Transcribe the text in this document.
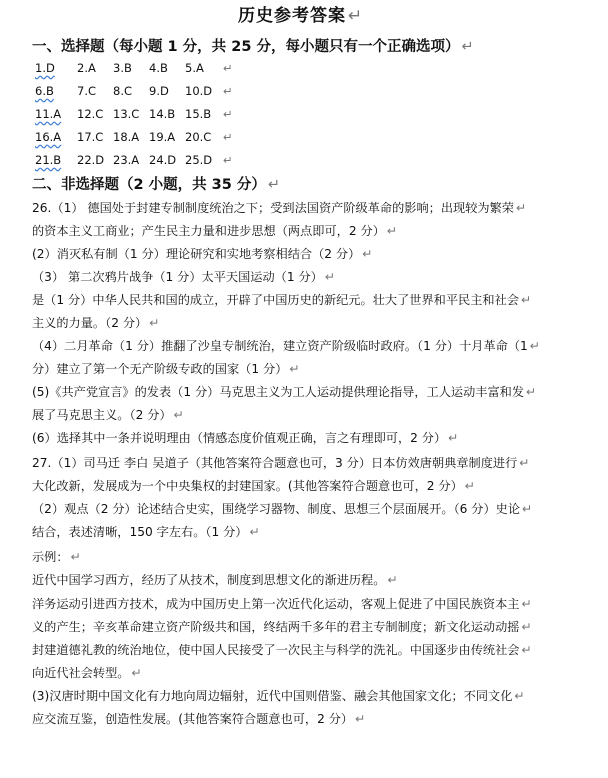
历史参考答案 ↵
一、选择题（每小题 1 分，共 25 分，每小题只有一个正确选项） ↵
1.D 2.A 3.B 4.B 5.A ↵
6.B 7.C 8.C 9.D 10.D ↵
11.A 12.C 13.C 14.B 15.B ↵
16.A 17.C 18.A 19.A 20.C ↵
21.B 22.D 23.A 24.D 25.D ↵
二、非选择题（2 小题，共 35 分） ↵
26.（1） 德国处于封建专制制度统治之下；受到法国资产阶级革命的影响；出现较为繁荣 ↵
的资本主义工商业；产生民主力量和进步思想（两点即可，2 分） ↵
(2）消灭私有制（1 分）理论研究和实地考察相结合（2 分） ↵
（3） 第二次鸦片战争（1 分）太平天国运动（1 分） ↵
是（1 分）中华人民共和国的成立，开辟了中国历史的新纪元。壮大了世界和平民主和社会 ↵
主义的力量。（2 分） ↵
（4）二月革命（1 分）推翻了沙皇专制统治，建立资产阶级临时政府。（1 分）十月革命（1 ↵
分）建立了第一个无产阶级专政的国家（1 分） ↵
(5)《共产党宣言》的发表（1 分）马克思主义为工人运动提供理论指导，工人运动丰富和发 ↵
展了马克思主义。（2 分） ↵
(6）选择其中一条并说明理由（情感态度价值观正确，言之有理即可，2 分） ↵
27.（1）司马迁 李白 吴道子（其他答案符合题意也可，3 分）日本仿效唐朝典章制度进行 ↵
大化改新，发展成为一个中央集权的封建国家。(其他答案符合题意也可，2 分） ↵
（2）观点（2 分）论述结合史实，围绕学习器物、制度、思想三个层面展开。（6 分）史论 ↵
结合，表述清晰，150 字左右。（1 分） ↵
示例： ↵
近代中国学习西方，经历了从技术，制度到思想文化的渐进历程。 ↵
洋务运动引进西方技术，成为中国历史上第一次近代化运动，客观上促进了中国民族资本主 ↵
义的产生；辛亥革命建立资产阶级共和国，终结两千多年的君主专制制度；新文化运动动摇 ↵
封建道德礼教的统治地位，使中国人民接受了一次民主与科学的洗礼。中国逐步由传统社会 ↵
向近代社会转型。 ↵
(3)汉唐时期中国文化有力地向周边辐射，近代中国则借鉴、融会其他国家文化；不同文化 ↵
应交流互鉴，创造性发展。(其他答案符合题意也可，2 分） ↵
